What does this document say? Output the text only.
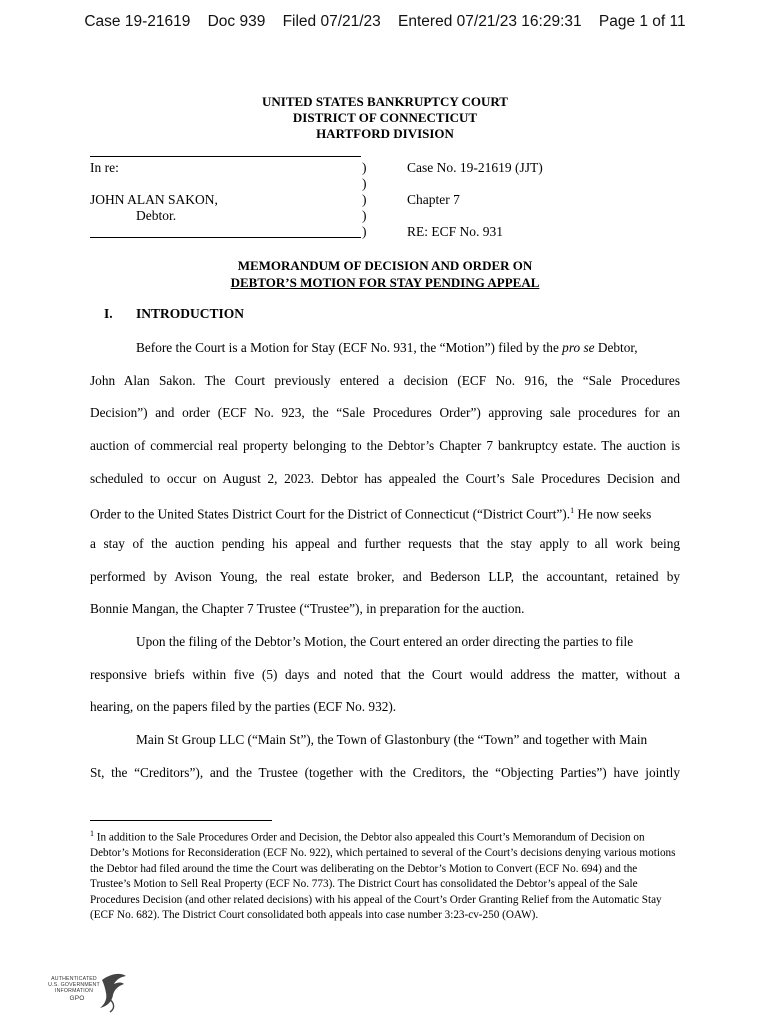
Case 19-21619 Doc 939 Filed 07/21/23 Entered 07/21/23 16:29:31 Page 1 of 11
UNITED STATES BANKRUPTCY COURT
DISTRICT OF CONNECTICUT
HARTFORD DIVISION
In re:
JOHN ALAN SAKON,
Debtor.
)
)
)
)
)
Case No. 19-21619 (JJT)
Chapter 7
RE: ECF No. 931
MEMORANDUM OF DECISION AND ORDER ON
DEBTOR’S MOTION FOR STAY PENDING APPEAL
I. INTRODUCTION
Before the Court is a Motion for Stay (ECF No. 931, the “Motion”) filed by the pro se Debtor,
John Alan Sakon. The Court previously entered a decision (ECF No. 916, the “Sale Procedures
Decision”) and order (ECF No. 923, the “Sale Procedures Order”) approving sale procedures for an
auction of commercial real property belonging to the Debtor’s Chapter 7 bankruptcy estate. The auction is
scheduled to occur on August 2, 2023. Debtor has appealed the Court’s Sale Procedures Decision and
Order to the United States District Court for the District of Connecticut (“District Court”).$^1$ He now seeks
a stay of the auction pending his appeal and further requests that the stay apply to all work being
performed by Avison Young, the real estate broker, and Bederson LLP, the accountant, retained by
Bonnie Mangan, the Chapter 7 Trustee (“Trustee”), in preparation for the auction.
Upon the filing of the Debtor’s Motion, the Court entered an order directing the parties to file
responsive briefs within five (5) days and noted that the Court would address the matter, without a
hearing, on the papers filed by the parties (ECF No. 932).
Main St Group LLC (“Main St”), the Town of Glastonbury (the “Town” and together with Main
St, the “Creditors”), and the Trustee (together with the Creditors, the “Objecting Parties”) have jointly
$^1$ In addition to the Sale Procedures Order and Decision, the Debtor also appealed this Court’s Memorandum of Decision on Debtor’s Motions for Reconsideration (ECF No. 922), which pertained to several of the Court’s decisions denying various motions the Debtor had filed around the time the Court was deliberating on the Debtor’s Motion to Convert (ECF No. 694) and the Trustee’s Motion to Sell Real Property (ECF No. 773). The District Court has consolidated the Debtor’s appeal of the Sale Procedures Decision (and other related decisions) with his appeal of the Court’s Order Granting Relief from the Automatic Stay (ECF No. 682). The District Court consolidated both appeals into case number 3:23-cv-250 (OAW).
AUTHENTICATED
U.S. GOVERNMENT
INFORMATION
GPO
